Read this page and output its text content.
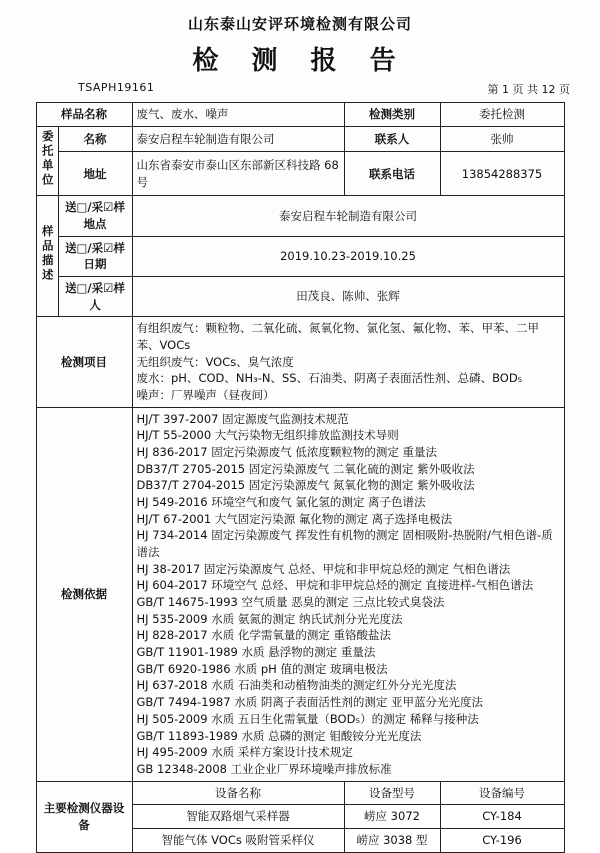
山东泰山安评环境检测有限公司
检 测 报 告
TSAPH19161	第 1 页 共 12 页
样品名称		废气、废水、噪声	检测类别	委托检测
委托单位	名称	泰安启程车轮制造有限公司	联系人	张帅
	地址	山东省泰安市泰山区东部新区科技路 68 号	联系电话	13854288375
样品描述	送□/采☑样地点	泰安启程车轮制造有限公司		
	送□/采☑样日期	2019.10.23-2019.10.25		
	送□/采☑样人	田茂良、陈帅、张辉		
检测项目		有组织废气：颗粒物、二氧化硫、氮氧化物、氯化氢、氟化物、苯、甲苯、二甲苯、VOCs
无组织废气：VOCs、臭气浓度
废水：pH、COD、NH₃-N、SS、石油类、阴离子表面活性剂、总磷、BOD₅
噪声：厂界噪声（昼夜间）		

检测依据	
HJ/T 397-2007 固定源废气监测技术规范
HJ/T 55-2000 大气污染物无组织排放监测技术导则
HJ 836-2017 固定污染源废气 低浓度颗粒物的测定 重量法
DB37/T 2705-2015 固定污染源废气 二氧化硫的测定 紫外吸收法
DB37/T 2704-2015 固定污染源废气 氮氧化物的测定 紫外吸收法
HJ 549-2016 环境空气和废气 氯化氢的测定 离子色谱法
HJ/T 67-2001 大气固定污染源 氟化物的测定 离子选择电极法
HJ 734-2014 固定污染源废气 挥发性有机物的测定 固相吸附-热脱附/气相色谱-质谱法
HJ 38-2017 固定污染源废气 总烃、甲烷和非甲烷总烃的测定 气相色谱法
HJ 604-2017 环境空气 总烃、甲烷和非甲烷总烃的测定 直接进样-气相色谱法
GB/T 14675-1993 空气质量 恶臭的测定 三点比较式臭袋法
HJ 535-2009 水质 氨氮的测定 纳氏试剂分光光度法
HJ 828-2017 水质 化学需氧量的测定 重铬酸盐法
GB/T 11901-1989 水质 悬浮物的测定 重量法
GB/T 6920-1986 水质 pH 值的测定 玻璃电极法
HJ 637-2018 水质 石油类和动植物油类的测定红外分光光度法
GB/T 7494-1987 水质 阴离子表面活性剂的测定 亚甲蓝分光光度法
HJ 505-2009 水质 五日生化需氧量（BOD₅）的测定 稀释与接种法
GB/T 11893-1989 水质 总磷的测定 钼酸铵分光光度法
HJ 495-2009 水质 采样方案设计技术规定
GB 12348-2008 工业企业厂界环境噪声排放标准

主要检测仪器设备		设备名称	设备型号	设备编号
		智能双路烟气采样器	崂应 3072	CY-184
		智能气体 VOCs 吸附管采样仪	崂应 3038 型	CY-196
